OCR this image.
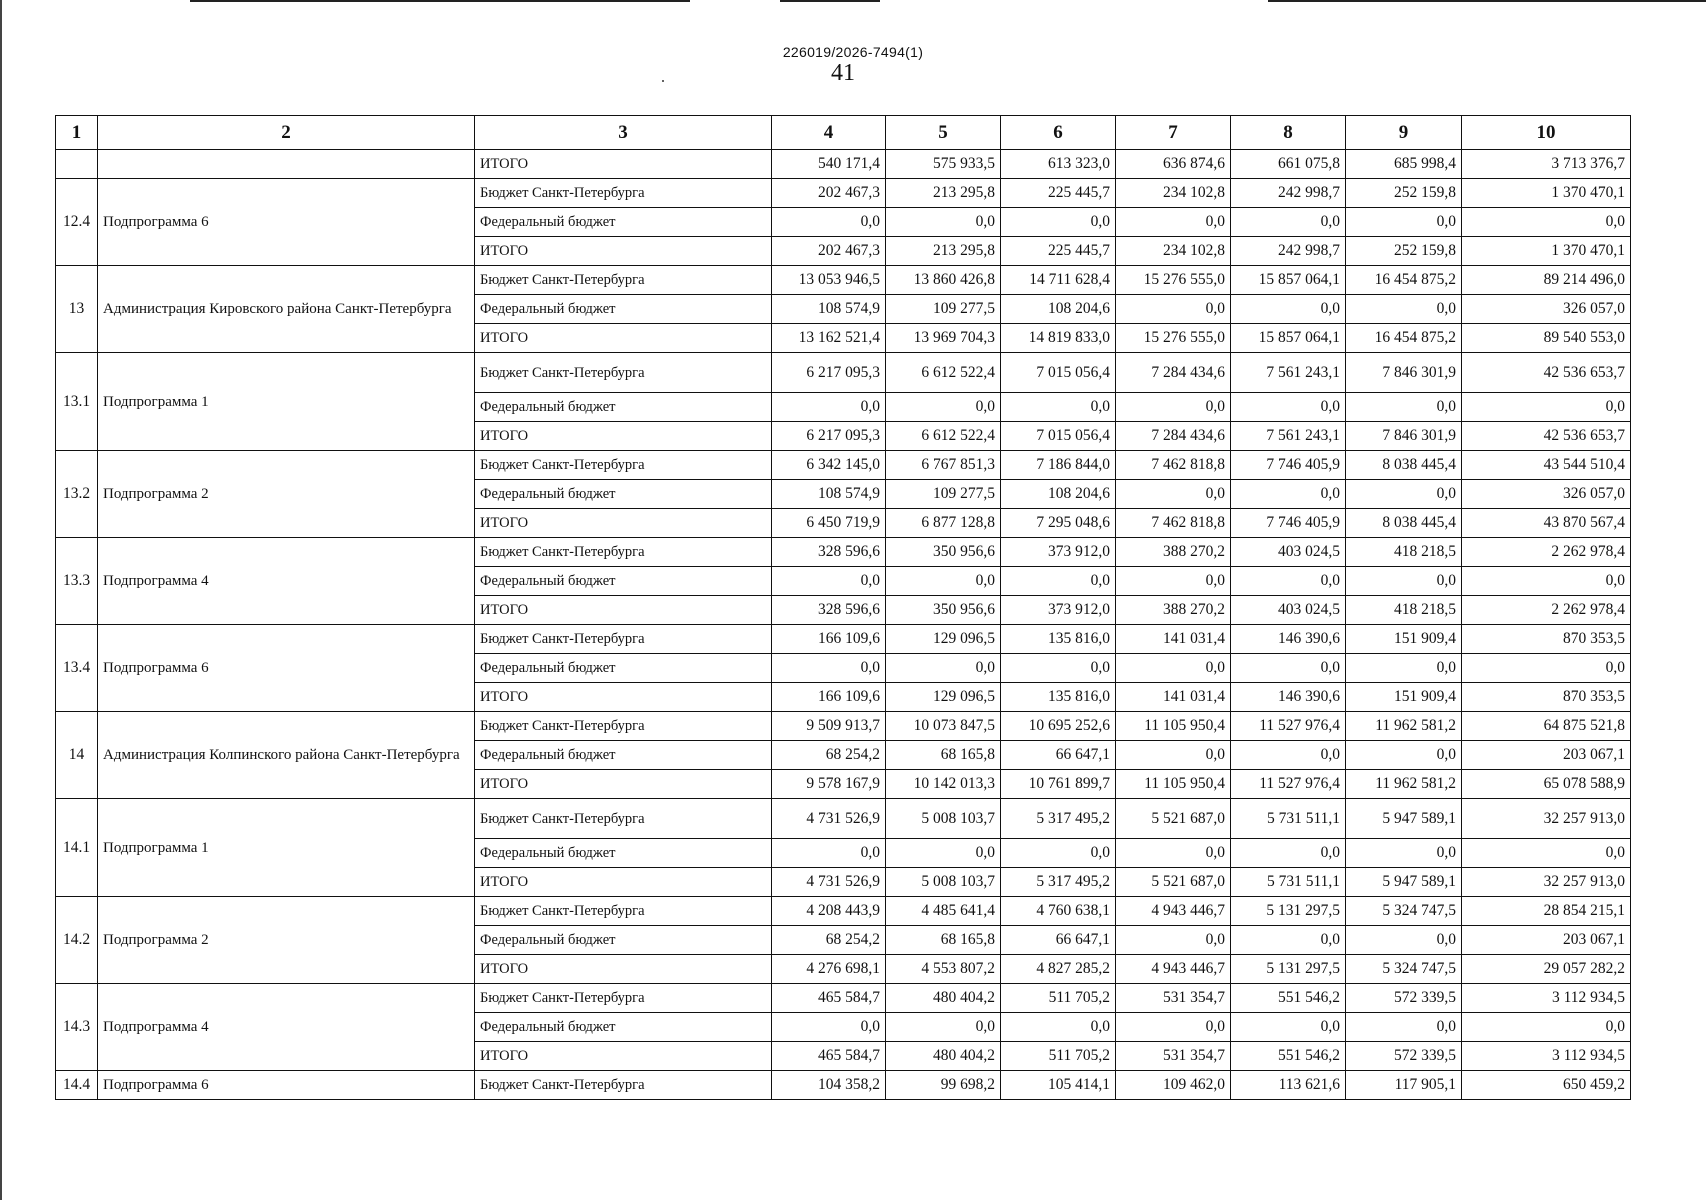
226019/2026-7494(1)
41
1	2	3	4	5	6	7	8	9	10
		ИТОГО	540 171,4	575 933,5	613 323,0	636 874,6	661 075,8	685 998,4	3 713 376,7
12.4	Подпрограмма 6	Бюджет Санкт-Петербурга	202 467,3	213 295,8	225 445,7	234 102,8	242 998,7	252 159,8	1 370 470,1
		Федеральный бюджет	0,0	0,0	0,0	0,0	0,0	0,0	0,0
		ИТОГО	202 467,3	213 295,8	225 445,7	234 102,8	242 998,7	252 159,8	1 370 470,1
13	Администрация Кировского района Санкт-Петербурга	Бюджет Санкт-Петербурга	13 053 946,5	13 860 426,8	14 711 628,4	15 276 555,0	15 857 064,1	16 454 875,2	89 214 496,0
		Федеральный бюджет	108 574,9	109 277,5	108 204,6	0,0	0,0	0,0	326 057,0
		ИТОГО	13 162 521,4	13 969 704,3	14 819 833,0	15 276 555,0	15 857 064,1	16 454 875,2	89 540 553,0
13.1	Подпрограмма 1	Бюджет Санкт-Петербурга	6 217 095,3	6 612 522,4	7 015 056,4	7 284 434,6	7 561 243,1	7 846 301,9	42 536 653,7
		Федеральный бюджет	0,0	0,0	0,0	0,0	0,0	0,0	0,0
		ИТОГО	6 217 095,3	6 612 522,4	7 015 056,4	7 284 434,6	7 561 243,1	7 846 301,9	42 536 653,7
13.2	Подпрограмма 2	Бюджет Санкт-Петербурга	6 342 145,0	6 767 851,3	7 186 844,0	7 462 818,8	7 746 405,9	8 038 445,4	43 544 510,4
		Федеральный бюджет	108 574,9	109 277,5	108 204,6	0,0	0,0	0,0	326 057,0
		ИТОГО	6 450 719,9	6 877 128,8	7 295 048,6	7 462 818,8	7 746 405,9	8 038 445,4	43 870 567,4
13.3	Подпрограмма 4	Бюджет Санкт-Петербурга	328 596,6	350 956,6	373 912,0	388 270,2	403 024,5	418 218,5	2 262 978,4
		Федеральный бюджет	0,0	0,0	0,0	0,0	0,0	0,0	0,0
		ИТОГО	328 596,6	350 956,6	373 912,0	388 270,2	403 024,5	418 218,5	2 262 978,4
13.4	Подпрограмма 6	Бюджет Санкт-Петербурга	166 109,6	129 096,5	135 816,0	141 031,4	146 390,6	151 909,4	870 353,5
		Федеральный бюджет	0,0	0,0	0,0	0,0	0,0	0,0	0,0
		ИТОГО	166 109,6	129 096,5	135 816,0	141 031,4	146 390,6	151 909,4	870 353,5
14	Администрация Колпинского района Санкт-Петербурга	Бюджет Санкт-Петербурга	9 509 913,7	10 073 847,5	10 695 252,6	11 105 950,4	11 527 976,4	11 962 581,2	64 875 521,8
		Федеральный бюджет	68 254,2	68 165,8	66 647,1	0,0	0,0	0,0	203 067,1
		ИТОГО	9 578 167,9	10 142 013,3	10 761 899,7	11 105 950,4	11 527 976,4	11 962 581,2	65 078 588,9
14.1	Подпрограмма 1	Бюджет Санкт-Петербурга	4 731 526,9	5 008 103,7	5 317 495,2	5 521 687,0	5 731 511,1	5 947 589,1	32 257 913,0
		Федеральный бюджет	0,0	0,0	0,0	0,0	0,0	0,0	0,0
		ИТОГО	4 731 526,9	5 008 103,7	5 317 495,2	5 521 687,0	5 731 511,1	5 947 589,1	32 257 913,0
14.2	Подпрограмма 2	Бюджет Санкт-Петербурга	4 208 443,9	4 485 641,4	4 760 638,1	4 943 446,7	5 131 297,5	5 324 747,5	28 854 215,1
		Федеральный бюджет	68 254,2	68 165,8	66 647,1	0,0	0,0	0,0	203 067,1
		ИТОГО	4 276 698,1	4 553 807,2	4 827 285,2	4 943 446,7	5 131 297,5	5 324 747,5	29 057 282,2
14.3	Подпрограмма 4	Бюджет Санкт-Петербурга	465 584,7	480 404,2	511 705,2	531 354,7	551 546,2	572 339,5	3 112 934,5
		Федеральный бюджет	0,0	0,0	0,0	0,0	0,0	0,0	0,0
		ИТОГО	465 584,7	480 404,2	511 705,2	531 354,7	551 546,2	572 339,5	3 112 934,5
14.4	Подпрограмма 6	Бюджет Санкт-Петербурга	104 358,2	99 698,2	105 414,1	109 462,0	113 621,6	117 905,1	650 459,2
